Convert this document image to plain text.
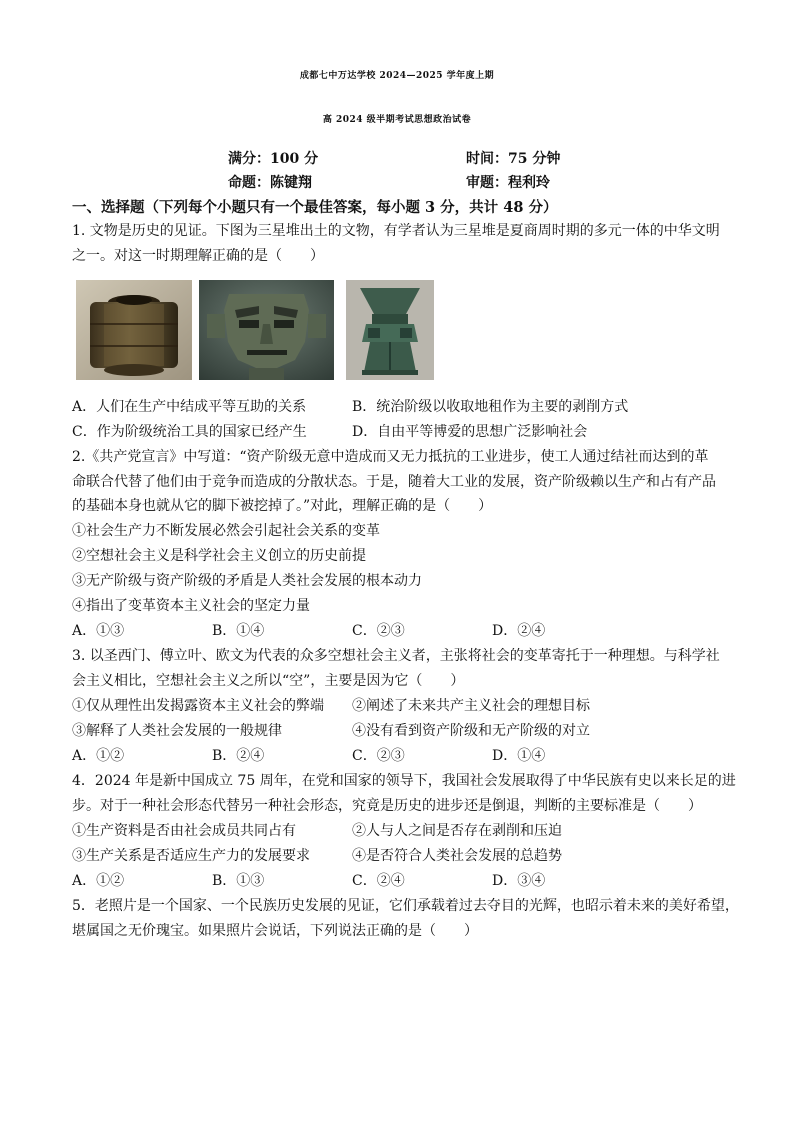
成都七中万达学校 2024—2025 学年度上期
高 2024 级半期考试思想政治试卷
满分：100 分	时间：75 分钟
命题：陈键翔	审题：程利玲
一、选择题（下列每个小题只有一个最佳答案，每小题 3 分，共计 48 分）
1. 文物是历史的见证。下图为三星堆出土的文物，有学者认为三星堆是夏商周时期的多元一体的中华文明
之一。对这一时期理解正确的是（　　）
A．人们在生产中结成平等互助的关系	B．统治阶级以收取地租作为主要的剥削方式
C．作为阶级统治工具的国家已经产生	D．自由平等博爱的思想广泛影响社会
2.《共产党宣言》中写道：“资产阶级无意中造成而又无力抵抗的工业进步，使工人通过结社而达到的革
命联合代替了他们由于竞争而造成的分散状态。于是，随着大工业的发展，资产阶级赖以生产和占有产品
的基础本身也就从它的脚下被挖掉了。”对此，理解正确的是（　　）
①社会生产力不断发展必然会引起社会关系的变革
②空想社会主义是科学社会主义创立的历史前提
③无产阶级与资产阶级的矛盾是人类社会发展的根本动力
④指出了变革资本主义社会的坚定力量
A．①③	B．①④	C．②③	D．②④
3. 以圣西门、傅立叶、欧文为代表的众多空想社会主义者，主张将社会的变革寄托于一种理想。与科学社
会主义相比，空想社会主义之所以“空”，主要是因为它（　　）
①仅从理性出发揭露资本主义社会的弊端 ②阐述了未来共产主义社会的理想目标
③解释了人类社会发展的一般规律	④没有看到资产阶级和无产阶级的对立
A．①②	B．②④	C．②③	D．①④
4．2024 年是新中国成立 75 周年，在党和国家的领导下，我国社会发展取得了中华民族有史以来长足的进
步。对于一种社会形态代替另一种社会形态，究竟是历史的进步还是倒退，判断的主要标准是（　　）
①生产资料是否由社会成员共同占有	②人与人之间是否存在剥削和压迫
③生产关系是否适应生产力的发展要求	④是否符合人类社会发展的总趋势
A．①②	B．①③	C．②④	D．③④
5．老照片是一个国家、一个民族历史发展的见证，它们承载着过去夺目的光辉，也昭示着未来的美好希望，
堪属国之无价瑰宝。如果照片会说话，下列说法正确的是（　　）
